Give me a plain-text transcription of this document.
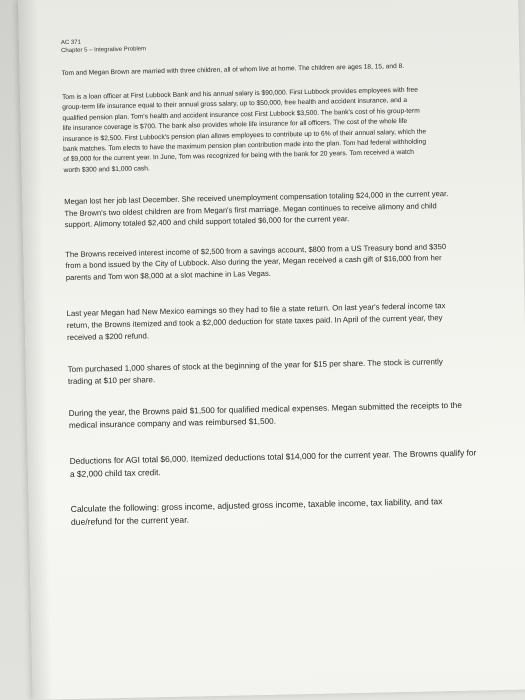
AC 371

Chapter 5 – Integrative Problem

Tom and Megan Brown are married with three children, all of whom live at home. The children are ages 18, 15, and 8.

Tom is a loan officer at First Lubbock Bank and his annual salary is $90,000. First Lubbock provides employees with free group-term life insurance equal to their annual gross salary, up to $50,000, free health and accident insurance, and a qualified pension plan. Tom's health and accident insurance cost First Lubbock $3,500. The bank's cost of his group-term life insurance coverage is $700. The bank also provides whole life insurance for all officers. The cost of the whole life insurance is $2,500. First Lubbock's pension plan allows employees to contribute up to 6% of their annual salary, which the bank matches. Tom elects to have the maximum pension plan contribution made into the plan. Tom had federal withholding of $9,000 for the current year. In June, Tom was recognized for being with the bank for 20 years. Tom received a watch worth $300 and $1,000 cash.

Megan lost her job last December. She received unemployment compensation totaling $24,000 in the current year. The Brown's two oldest children are from Megan's first marriage. Megan continues to receive alimony and child support. Alimony totaled $2,400 and child support totaled $6,000 for the current year.

The Browns received interest income of $2,500 from a savings account, $800 from a US Treasury bond and $350 from a bond issued by the City of Lubbock. Also during the year, Megan received a cash gift of $16,000 from her parents and Tom won $8,000 at a slot machine in Las Vegas.

Last year Megan had New Mexico earnings so they had to file a state return. On last year's federal income tax return, the Browns itemized and took a $2,000 deduction for state taxes paid. In April of the current year, they received a $200 refund.

Tom purchased 1,000 shares of stock at the beginning of the year for $15 per share. The stock is currently trading at $10 per share.

During the year, the Browns paid $1,500 for qualified medical expenses. Megan submitted the receipts to the medical insurance company and was reimbursed $1,500.

Deductions for AGI total $6,000. Itemized deductions total $14,000 for the current year. The Browns qualify for a $2,000 child tax credit.

Calculate the following: gross income, adjusted gross income, taxable income, tax liability, and tax due/refund for the current year.
